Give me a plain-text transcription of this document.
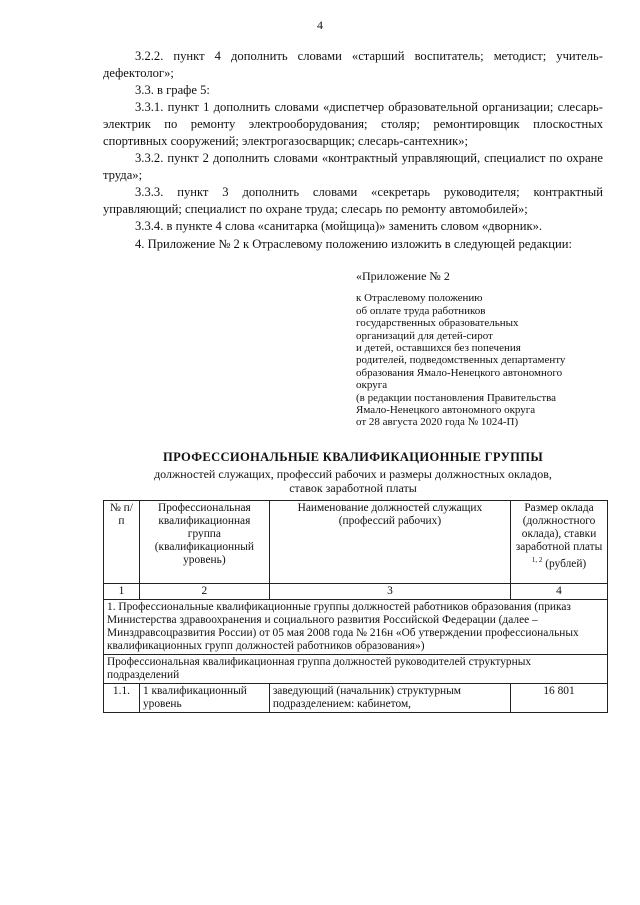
4
3.2.2. пункт 4 дополнить словами «старший воспитатель; методист; учитель-дефектолог»;
3.3. в графе 5:
3.3.1. пункт 1 дополнить словами «диспетчер образовательной организации; слесарь-электрик по ремонту электрооборудования; столяр; ремонтировщик плоскостных спортивных сооружений; электрогазосварщик; слесарь-сантехник»;
3.3.2. пункт 2 дополнить словами «контрактный управляющий, специалист по охране труда»;
3.3.3. пункт 3 дополнить словами «секретарь руководителя; контрактный управляющий; специалист по охране труда; слесарь по ремонту автомобилей»;
3.3.4. в пункте 4 слова «санитарка (мойщица)» заменить словом «дворник».
4. Приложение № 2 к Отраслевому положению изложить в следующей редакции:
«Приложение № 2
к Отраслевому положению
об оплате труда работников
государственных образовательных
организаций для детей-сирот
и детей, оставшихся без попечения
родителей, подведомственных департаменту
образования Ямало-Ненецкого автономного
округа
(в редакции постановления Правительства
Ямало-Ненецкого автономного округа
от 28 августа 2020 года № 1024-П)
ПРОФЕССИОНАЛЬНЫЕ КВАЛИФИКАЦИОННЫЕ ГРУППЫ
должностей служащих, профессий рабочих и размеры должностных окладов,
ставок заработной платы
№ п/п	Профессиональная квалификационная группа (квалификационный уровень)	Наименование должностей служащих (профессий рабочих)	Размер оклада (должностного оклада), ставки заработной платы $^{1, 2}$ (рублей)
1	2	3	4
1. Профессиональные квалификационные группы должностей работников образования (приказ Министерства здравоохранения и социального развития Российской Федерации (далее – Минздравсоцразвития России) от 05 мая 2008 года № 216н «Об утверждении профессиональных квалификационных групп должностей работников образования»)			
Профессиональная квалификационная группа должностей руководителей структурных подразделений			
1.1.	1 квалификационный уровень	заведующий (начальник) структурным подразделением: кабинетом,	16 801
